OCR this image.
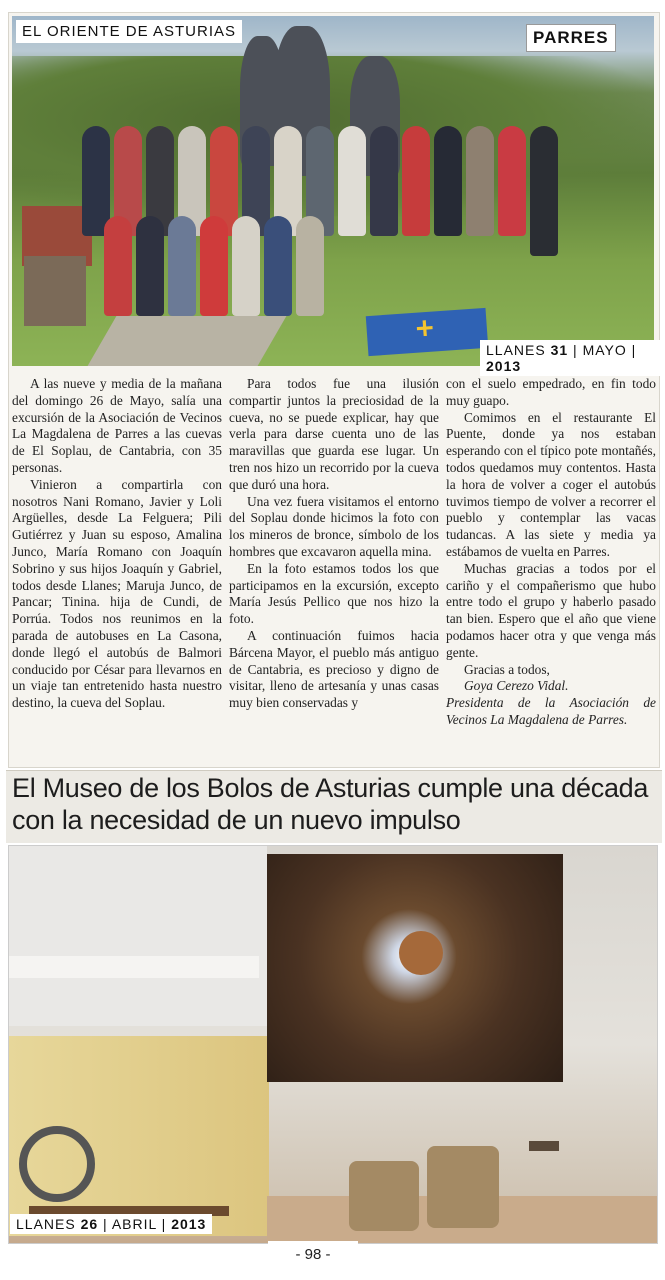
EL ORIENTE DE ASTURIAS	PARRES
LLANES 31 | MAYO | 2013

A las nueve y media de la mañana del domingo 26 de Mayo, salía una excursión de la Asociación de Vecinos La Magdalena de Parres a las cuevas de El Soplau, de Cantabria, con 35 personas.

Vinieron a compartirla con nosotros Nani Romano, Javier y Loli Argüelles, desde La Felguera; Pili Gutiérrez y Juan su esposo, Amalina Junco, María Romano con Joaquín Sobrino y sus hijos Joaquín y Gabriel, todos desde Llanes; Maruja Junco, de Pancar; Tinina. hija de Cundi, de Porrúa. Todos nos reunimos en la parada de autobuses en La Casona, donde llegó el autobús de Balmori conducido por César para llevarnos en un viaje tan entretenido hasta nuestro destino, la cueva del Soplau.

Para todos fue una ilusión compartir juntos la preciosidad de la cueva, no se puede explicar, hay que verla para darse cuenta uno de las maravillas que guarda ese lugar. Un tren nos hizo un recorrido por la cueva que duró una hora.

Una vez fuera visitamos el entorno del Soplau donde hicimos la foto con los mineros de bronce, símbolo de los hombres que excavaron aquella mina.

En la foto estamos todos los que participamos en la excursión, excepto María Jesús Pellico que nos hizo la foto.

A continuación fuimos hacia Bárcena Mayor, el pueblo más antiguo de Cantabria, es precioso y digno de visitar, lleno de artesanía y unas casas muy bien conservadas y

con el suelo empedrado, en fin todo muy guapo.

Comimos en el restaurante El Puente, donde ya nos estaban esperando con el típico pote montañés, todos quedamos muy contentos. Hasta la hora de volver a coger el autobús tuvimos tiempo de volver a recorrer el pueblo y contemplar las vacas tudancas. A las siete y media ya estábamos de vuelta en Parres.

Muchas gracias a todos por el cariño y el compañerismo que hubo entre todo el grupo y haberlo pasado tan bien. Espero que el año que viene podamos hacer otra y que venga más gente.

Gracias a todos,

Goya Cerezo Vidal.

Presidenta de la Asociación de Vecinos La Magdalena de Parres.

El Museo de los Bolos de Asturias cumple una década con la necesidad de un nuevo impulso
LLANES 26 | ABRIL | 2013
- 98 -
